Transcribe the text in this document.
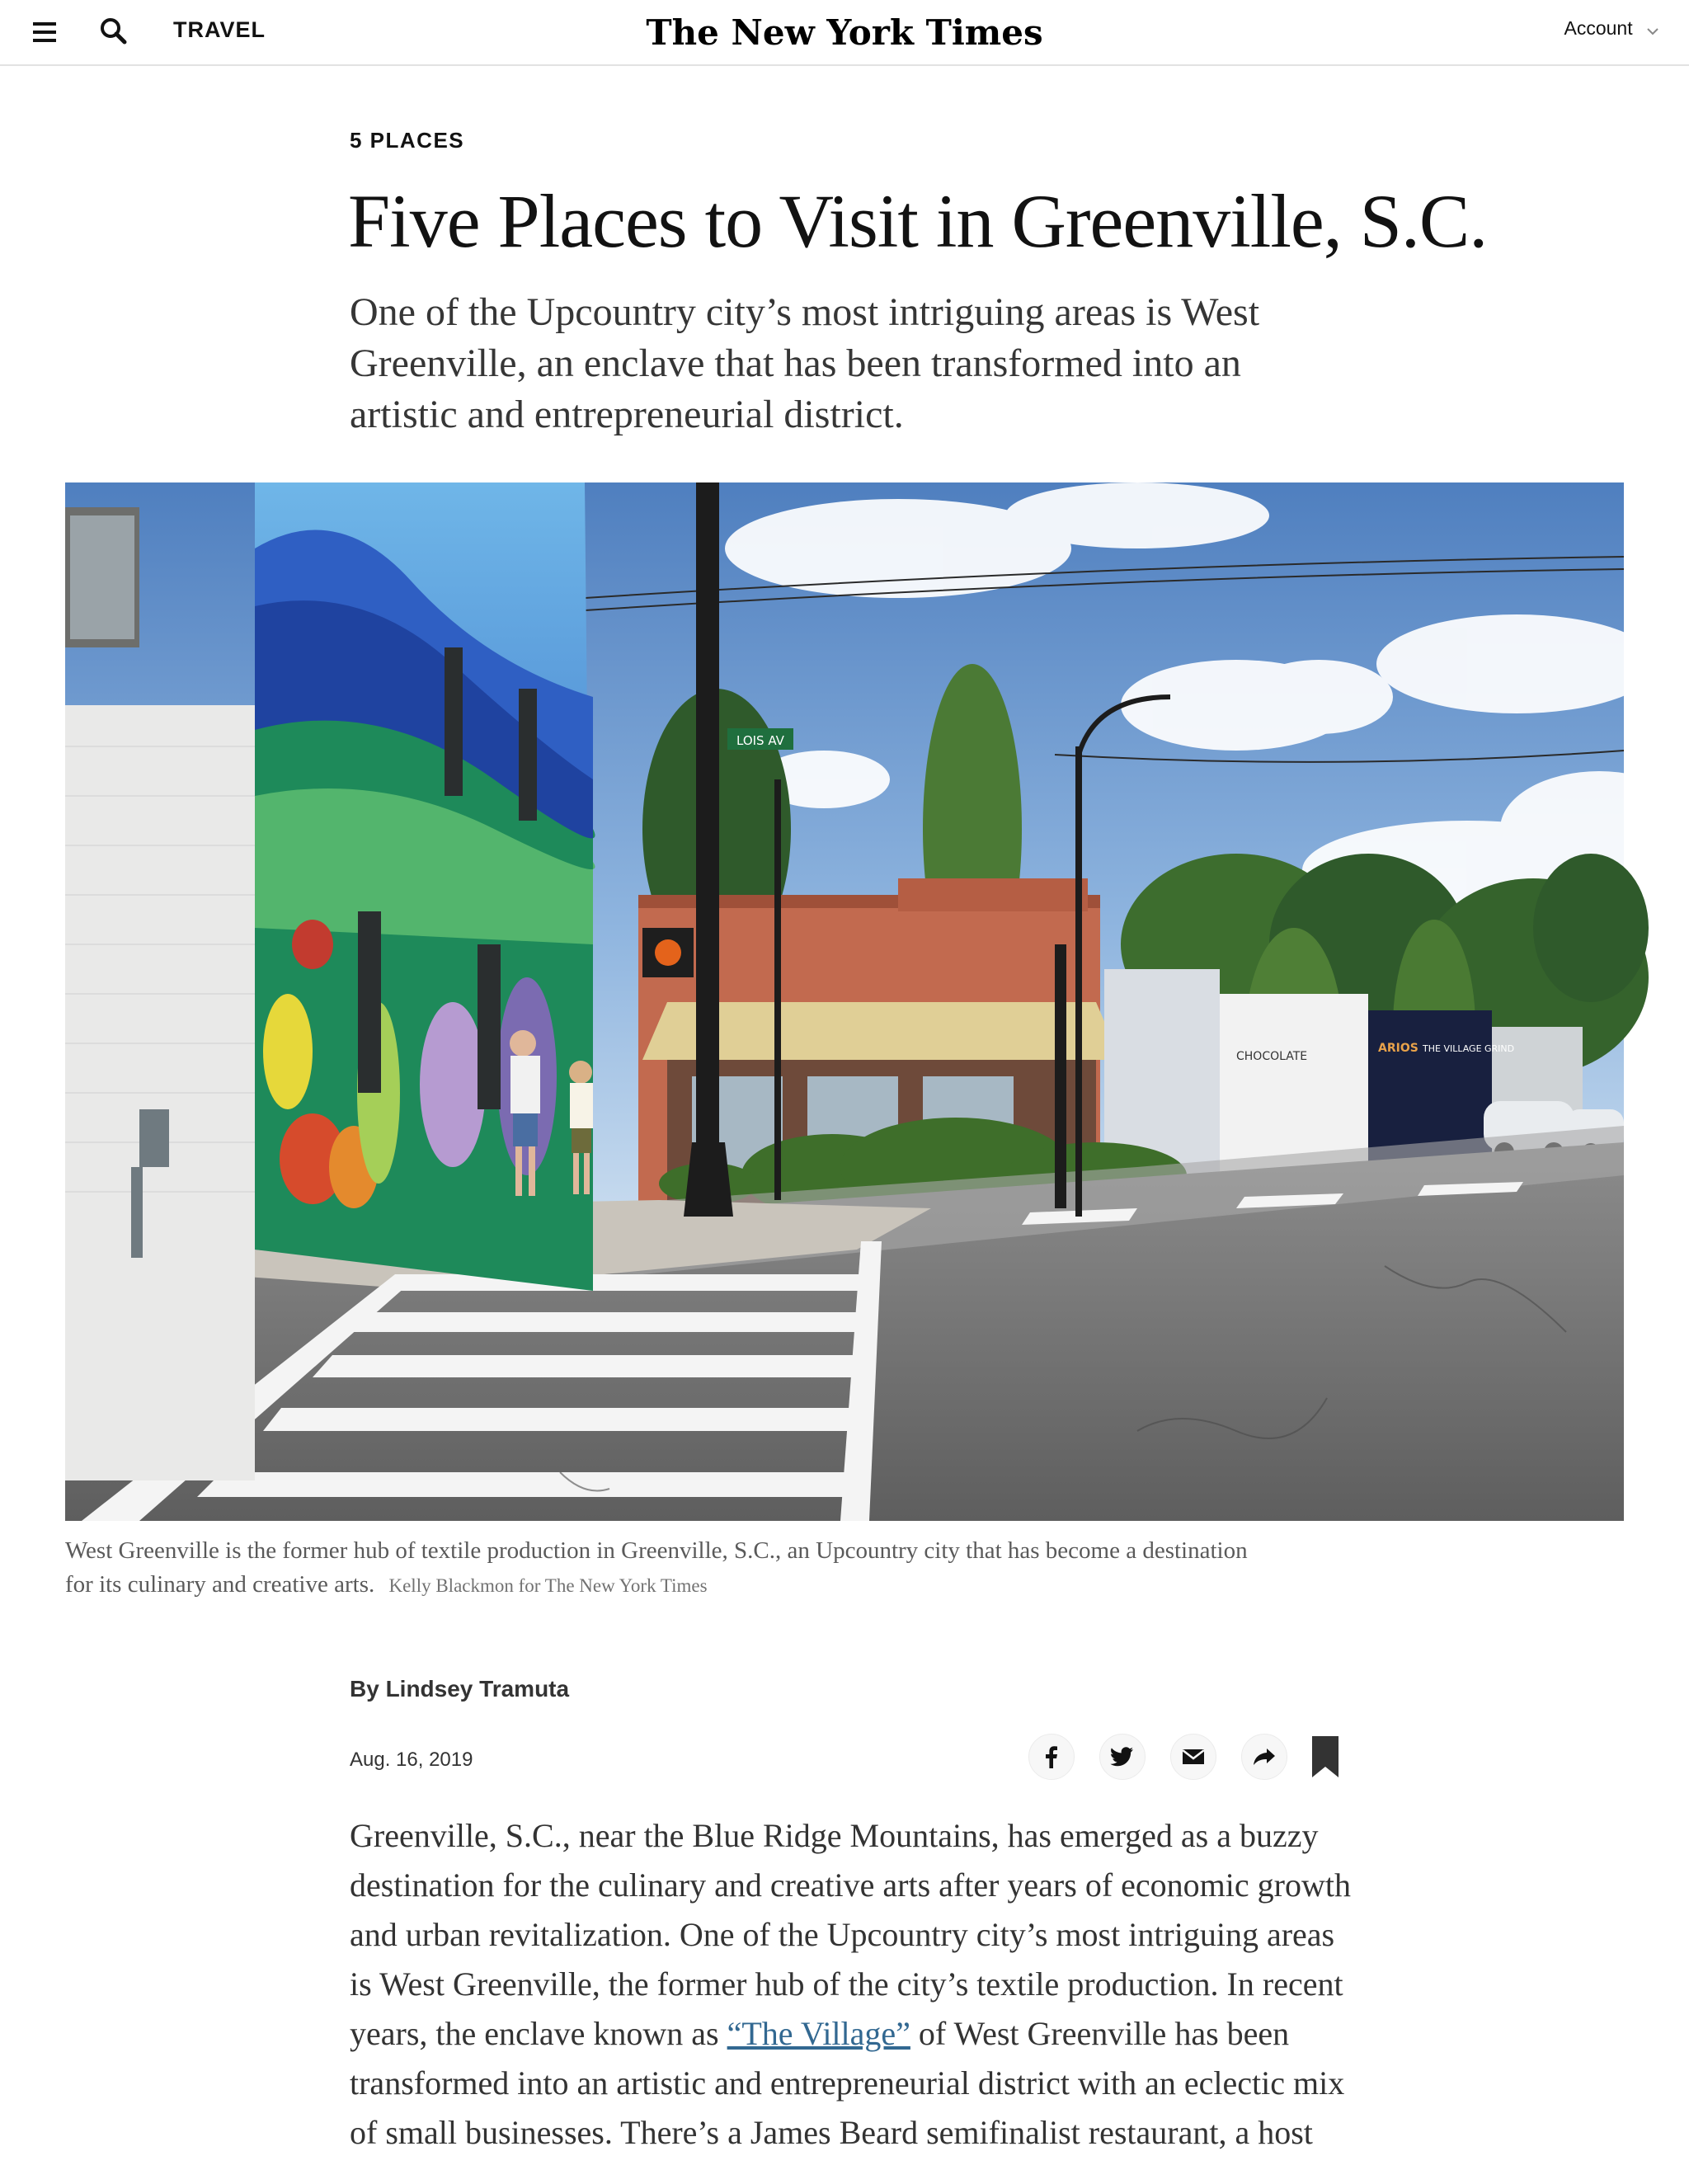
TRAVEL	The New York Times	Account
5 PLACES
Five Places to Visit in Greenville, S.C.

One of the Upcountry city’s most intriguing areas is West Greenville, an enclave that has been transformed into an artistic and entrepreneurial district.

CHOCOLATE
ARIOS THE VILLAGE GRIND
LOIS AV
West Greenville is the former hub of textile production in Greenville, S.C., an Upcountry city that has become a destination for its culinary and creative arts. Kelly Blackmon for The New York Times
By Lindsey Tramuta
Aug. 16, 2019

Greenville, S.C., near the Blue Ridge Mountains, has emerged as a buzzy destination for the culinary and creative arts after years of economic growth and urban revitalization. One of the Upcountry city’s most intriguing areas is West Greenville, the former hub of the city’s textile production. In recent years, the enclave known as “The Village” of West Greenville has been transformed into an artistic and entrepreneurial district with an eclectic mix of small businesses. There’s a James Beard semifinalist restaurant, a host
